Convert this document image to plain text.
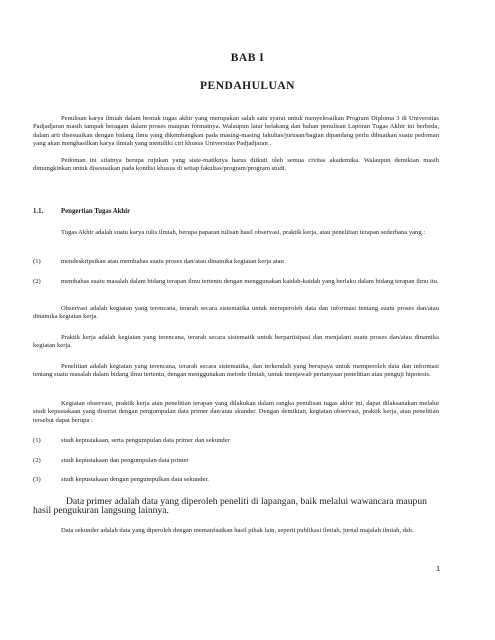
BAB I
PENDAHULUAN

Penulisan karya ilmiah dalam bentuk tugas akhir yang merupakan salah satu syarat untuk menyelesaikan Program Diploma 3 di Universitas Padjadjaran masih tampak beragam dalam proses maupun formatnya. Walaupun latar belakang dan bahan penulisan Laporan Tugas Akhir ini berbeda, dalam arti disesuaikan dengan bidang ilmu yang dikembangkan pada masing-masing fakultas/jurusan/bagian dipandang perlu dibuatkan suatu pedoman yang akan menghasilkan karya ilmiah yang memiliki ciri khusus Universitas Padjadjaran .

Pedoman ini sifatnya berupa rujukan yang siste-matiknya harus diikuti oleh semua civitas akademika. Walaupun demikian masih dimungkinkan untuk disesuaikan pada kondisi khusus di setiap fakultas/program/program studi.

1.1.	Pengertian Tugas Akhir

Tugas Akhir adalah suatu karya tulis ilmiah, berupa paparan tulisan hasil observasi, praktik kerja, atau penelitian terapan sederhana yang :

(1)	mendeskripsikan atau membahas suatu proses dan/atau dinamika kegiatan kerja atau
(2)	membahas suatu masalah dalam bidang terapan ilmu tertentu dengan menggunakan kaidah-kaidah yang berlaku dalam bidang terapan ilmu itu.

Observasi adalah kegiatan yang terencana, terarah secara sistematika untuk memperoleh data dan informasi tentang suatu proses dan/atau dinamika kegiatan kerja.

Praktik kerja adalah kegiatan yang terencana, terarah secara sistematik untuk berpartisipasi dan menjalani suatu proses dan/atau dinamika kegiatan kerja.

Penelitian adalah kegiatan yang terencana, terarah secara sistematika, dan terkendali yang berupaya untuk memperoleh data dan informasi tentang suatu masalah dalam bidang ilmu tertentu, dengan menggunakan metode ilmiah, untuk menjawab pertanyaan penelitian atau penguji hipotesis.

Kegiatan observasi, praktik kerja atau penelitian terapan yang dilakukan dalam rangka penulisan tugas akhir ini, dapat dilaksanakan melalui studi kepustakaan yang disertai dengan pengumpulan data primer dan/atau skunder. Dengan demikian, kegiatan observasi, praktik kerja, atau penelitian tersebut dapat berupa :

(1)	studi kepustakaan, serta pengumpulan data primer dan sekunder
(2)	studi kepustakaan dan pengumpulan data primer
(3)	studi kepustakaan dengan pengumpulkan data sekunder.

Data primer adalah data yang diperoleh peneliti di lapangan, baik melalui wawancara maupun hasil pengukuran langsung lainnya.

Data sekunder adalah data yang diperoleh dengan memanfaatkan hasil pihak lain, seperti publikasi ilmiah, jurnal majalah ilmiah, dsb.

1
